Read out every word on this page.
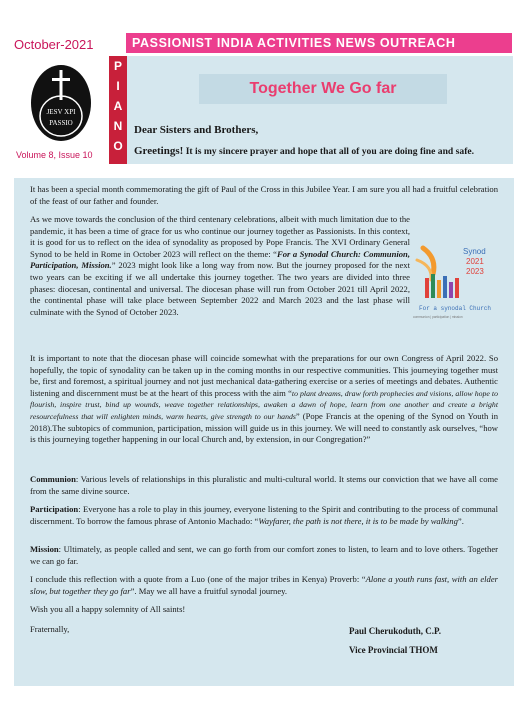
October-2021	PASSIONIST INDIA ACTIVITIES NEWS OUTREACH
JESV XPI
PASSIO
Volume 8, Issue 10
P
I
A
N
O
Together We Go far
Dear Sisters and Brothers,
Greetings! It is my sincere prayer and hope that all of you are doing fine and safe.

It has been a special month commemorating the gift of Paul of the Cross in this Jubilee Year. I am sure you all had a fruitful celebration of the feast of our father and founder.

As we move towards the conclusion of the third centenary celebrations, albeit with much limitation due to the pandemic, it has been a time of grace for us who continue our journey together as Passionists. In this context, it is good for us to reflect on the idea of synodality as proposed by Pope Francis. The XVI Ordinary General Synod to be held in Rome in October 2023 will reflect on the theme: “For a Synodal Church: Communion, Participation, Mission.” 2023 might look like a long way from now. But the journey proposed for the next two years can be exciting if we all undertake this journey together. The two years are divided into three phases: diocesan, continental and universal. The diocesan phase will run from October 2021 till April 2022, the continental phase will take place between September 2022 and March 2023 and the last phase will culminate with the Synod of October 2023.

It is important to note that the diocesan phase will coincide somewhat with the preparations for our own Congress of April 2022. So hopefully, the topic of synodality can be taken up in the coming months in our respective communities. This journeying together must be, first and foremost, a spiritual journey and not just mechanical data-gathering exercise or a series of meetings and debates. Authentic listening and discernment must be at the heart of this process with the aim “to plant dreams, draw forth prophecies and visions, allow hope to flourish, inspire trust, bind up wounds, weave together relationships, awaken a dawn of hope, learn from one another and create a bright resourcefulness that will enlighten minds, warm hearts, give strength to our hands” (Pope Francis at the opening of the Synod on Youth in 2018).The subtopics of communion, participation, mission will guide us in this journey. We will need to constantly ask ourselves, “how is this journeying together happening in our local Church and, by extension, in our Congregation?”

Communion: Various levels of relationships in this pluralistic and multi-cultural world. It stems our conviction that we have all come from the same divine source.

Participation: Everyone has a role to play in this journey, everyone listening to the Spirit and contributing to the process of communal discernment. To borrow the famous phrase of Antonio Machado: “Wayfarer, the path is not there, it is to be made by walking”.

Mission: Ultimately, as people called and sent, we can go forth from our comfort zones to listen, to learn and to love others. Together we can go far.

I conclude this reflection with a quote from a Luo (one of the major tribes in Kenya) Proverb: “Alone a youth runs fast, with an elder slow, but together they go far”. May we all have a fruitful synodal journey.

Wish you all a happy solemnity of All saints!

Fraternally,

Synod
2021
2023
For a synodal Church
communion | participation | mission
Paul Cherukoduth, C.P.
Vice Provincial THOM
